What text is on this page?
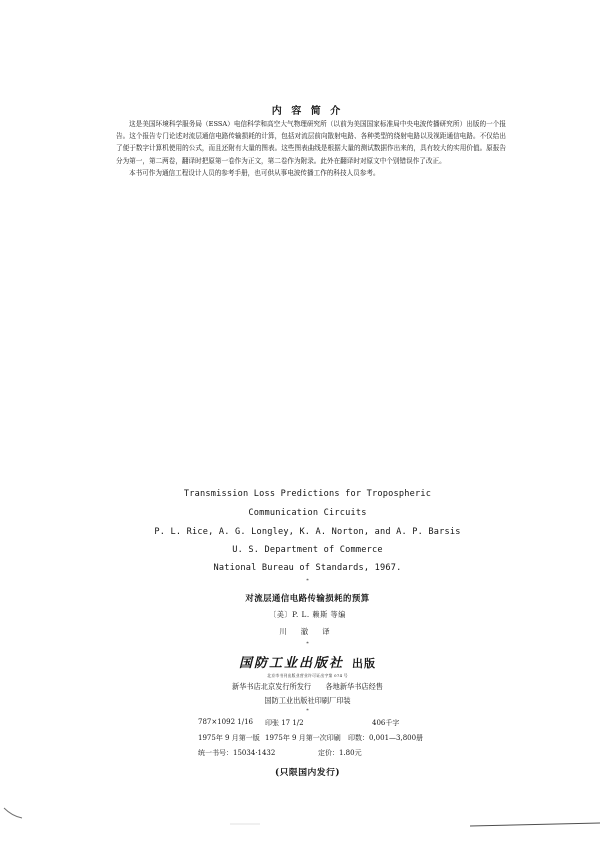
内 容 简 介

这是美国环境科学服务局（ESSA）电信科学和高空大气物理研究所（以前为美国国家标准局中央电波传播研究所）出版的一个报告。这个报告专门论述对流层通信电路传输损耗的计算，包括对流层前向散射电路、各种类型的绕射电路以及视距通信电路。不仅给出了便于数字计算机使用的公式，而且还附有大量的图表。这些图表曲线是根据大量的测试数据作出来的，具有较大的实用价值。原报告分为第一，第二两卷，翻译时把原第一卷作为正文，第二卷作为附录。此外在翻译时对原文中个别错误作了改正。

本书可作为通信工程设计人员的参考手册，也可供从事电波传播工作的科技人员参考。

Transmission Loss Predictions for Tropospheric
Communication Circuits
P. L. Rice, A. G. Longley, K. A. Norton, and A. P. Barsis
U. S. Department of Commerce
National Bureau of Standards, 1967.
*
对流层通信电路传输损耗的预算
〔美〕P. L. 赖斯 等编
川 澈 译
*
国防工业出版社 出版
北京市书刊出版业营业许可证出字第 074 号
新华书店北京发行所发行　　各地新华书店经售
国防工业出版社印刷厂印装
*
787×1092 1/16 印张 17 1/2	406千字
1975年 9 月第一版 1975年 9 月第一次印刷 印数：0,001—3,800册
统一书号：15034·1432	定价：1.80元
(只限国内发行)
